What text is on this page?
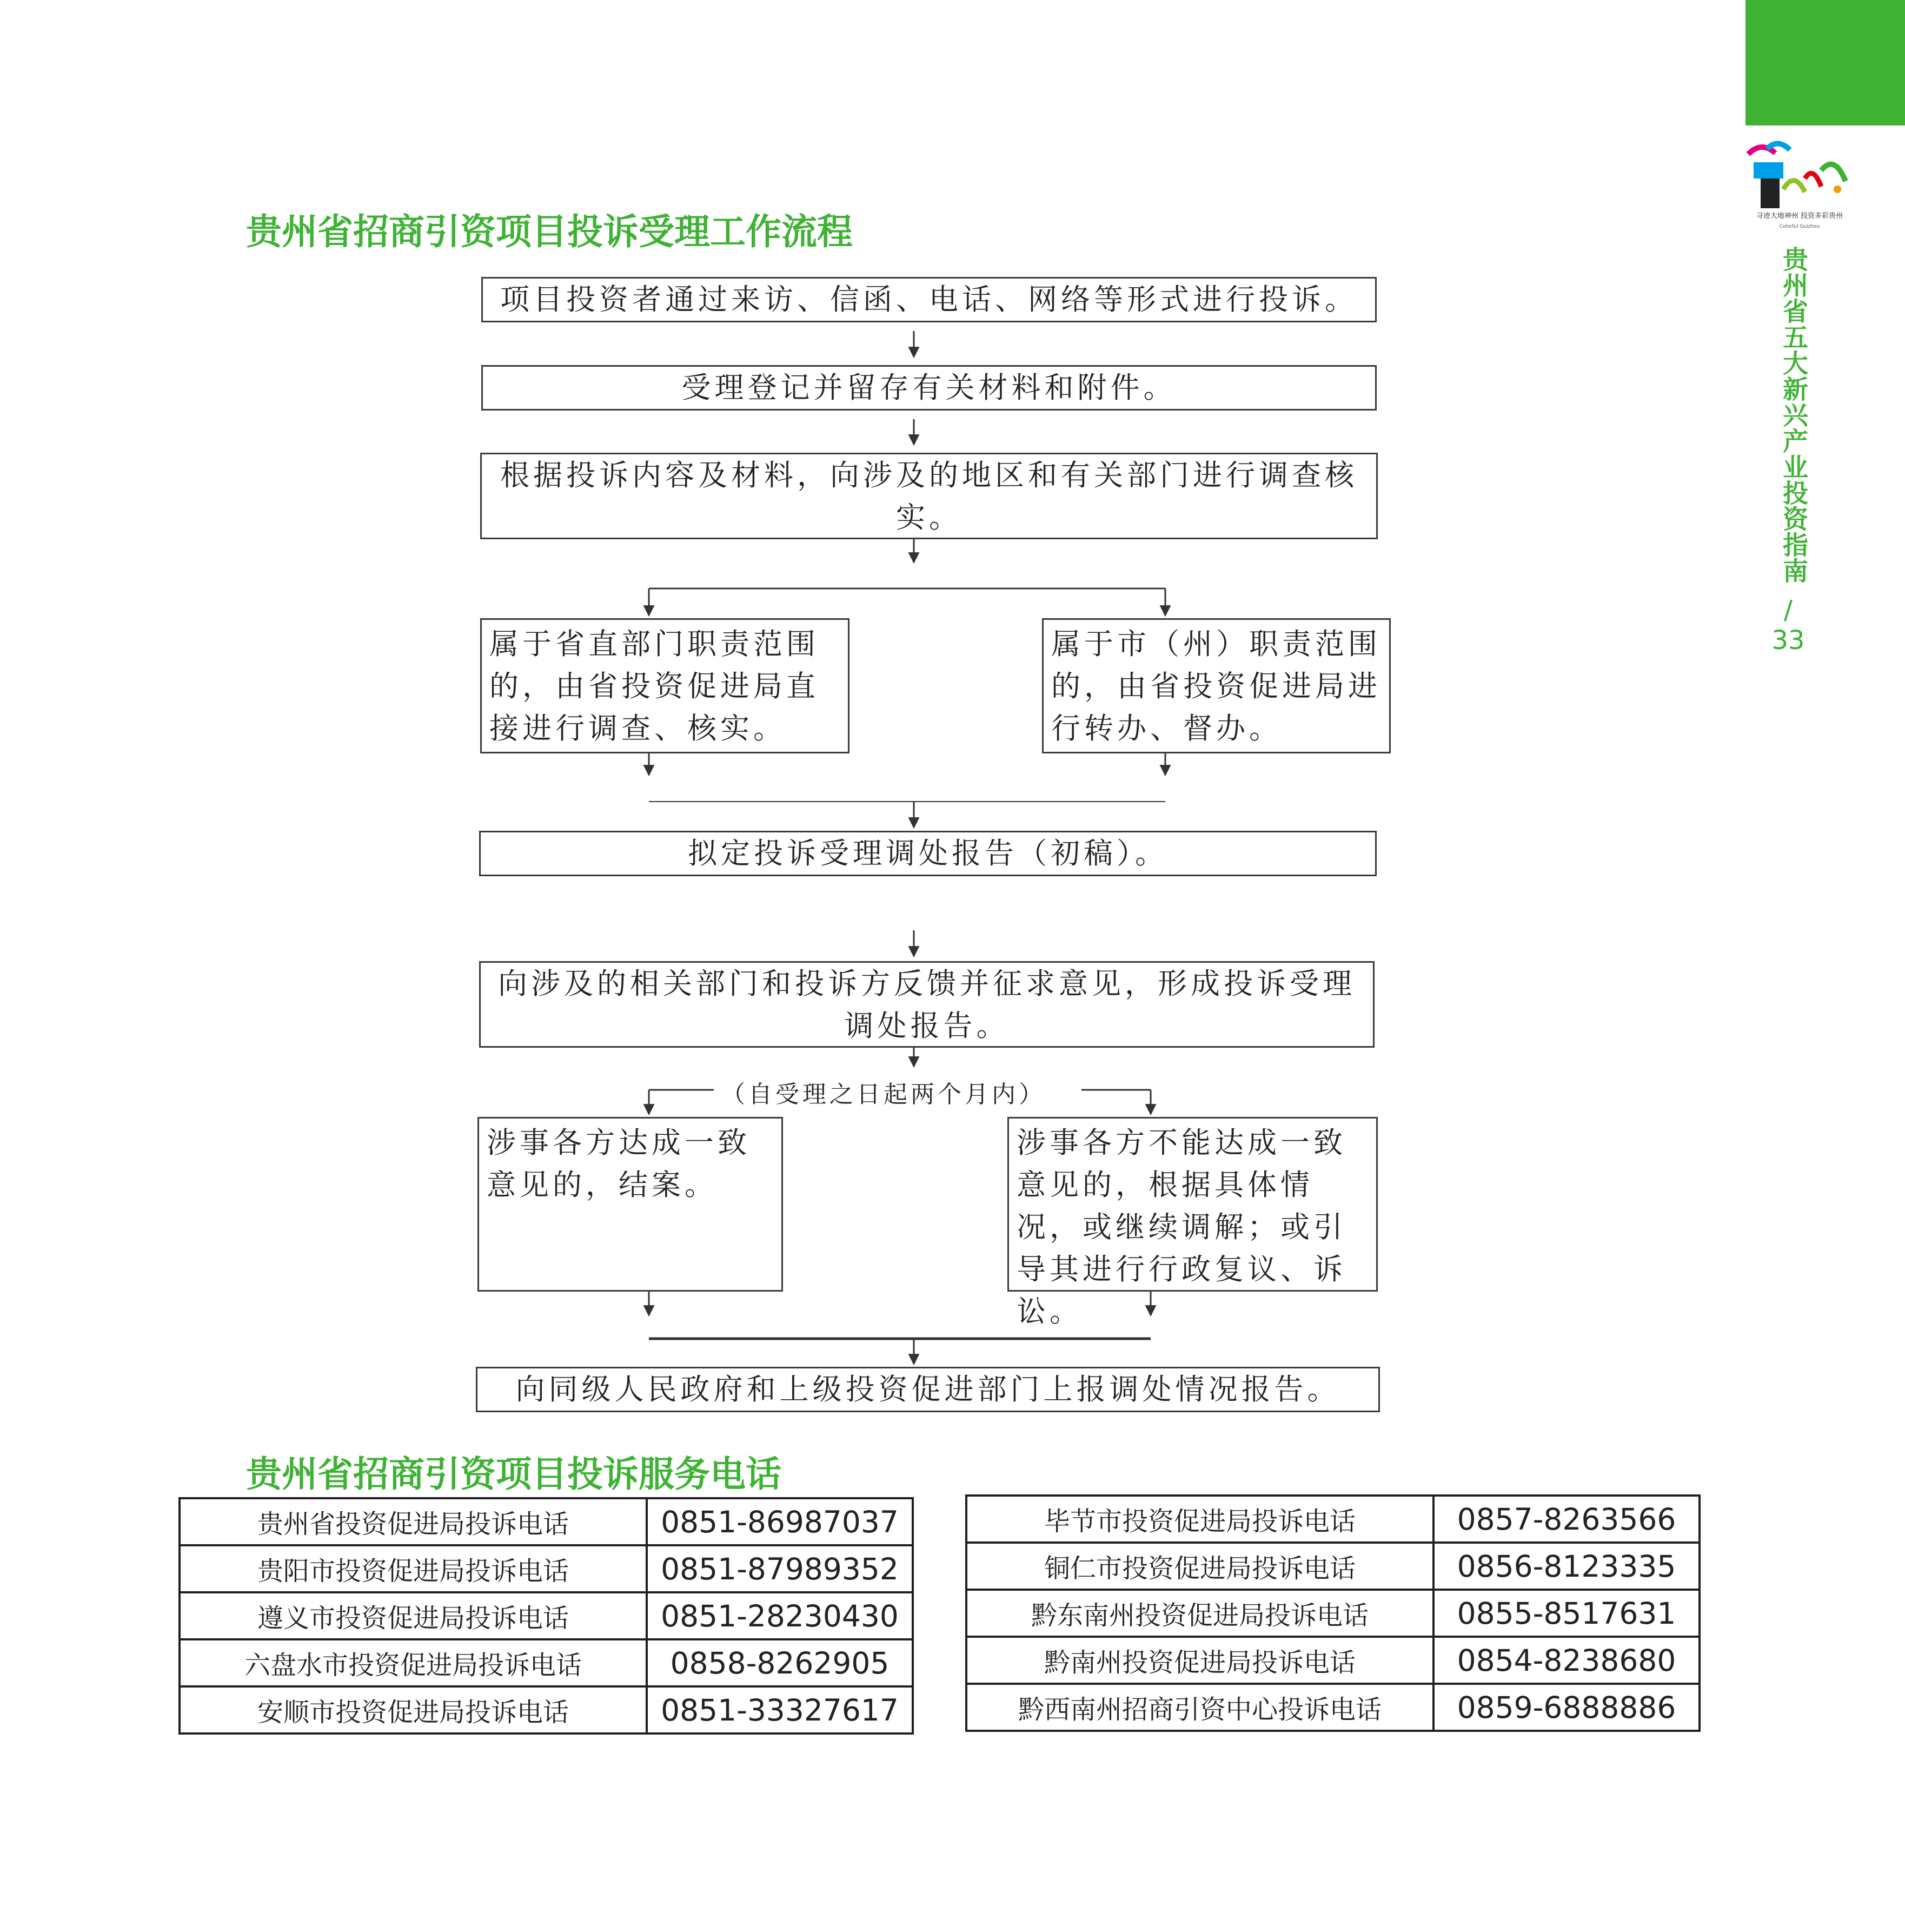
寻迹大地神州 投资多彩贵州
Colorful Guizhou
贵州省五大新兴产业投资指南
/ 33
贵州省招商引资项目投诉受理工作流程
项目投资者通过来访、信函、电话、网络等形式进行投诉。
受理登记并留存有关材料和附件。
根据投诉内容及材料，向涉及的地区和有关部门进行调查核实。
属于省直部门职责范围的，由省投资促进局直接进行调查、核实。
属于市（州）职责范围的，由省投资促进局进行转办、督办。
拟定投诉受理调处报告（初稿）。
向涉及的相关部门和投诉方反馈并征求意见，形成投诉受理调处报告。
（自受理之日起两个月内）
涉事各方达成一致意见的，结案。
涉事各方不能达成一致意见的，根据具体情况，或继续调解；或引导其进行行政复议、诉讼。
向同级人民政府和上级投资促进部门上报调处情况报告。
贵州省招商引资项目投诉服务电话
贵州省投资促进局投诉电话	0851-86987037
贵阳市投资促进局投诉电话	0851-87989352
遵义市投资促进局投诉电话	0851-28230430
六盘水市投资促进局投诉电话	0858-8262905
安顺市投资促进局投诉电话	0851-33327617
毕节市投资促进局投诉电话	0857-8263566
铜仁市投资促进局投诉电话	0856-8123335
黔东南州投资促进局投诉电话	0855-8517631
黔南州投资促进局投诉电话	0854-8238680
黔西南州招商引资中心投诉电话	0859-6888886
